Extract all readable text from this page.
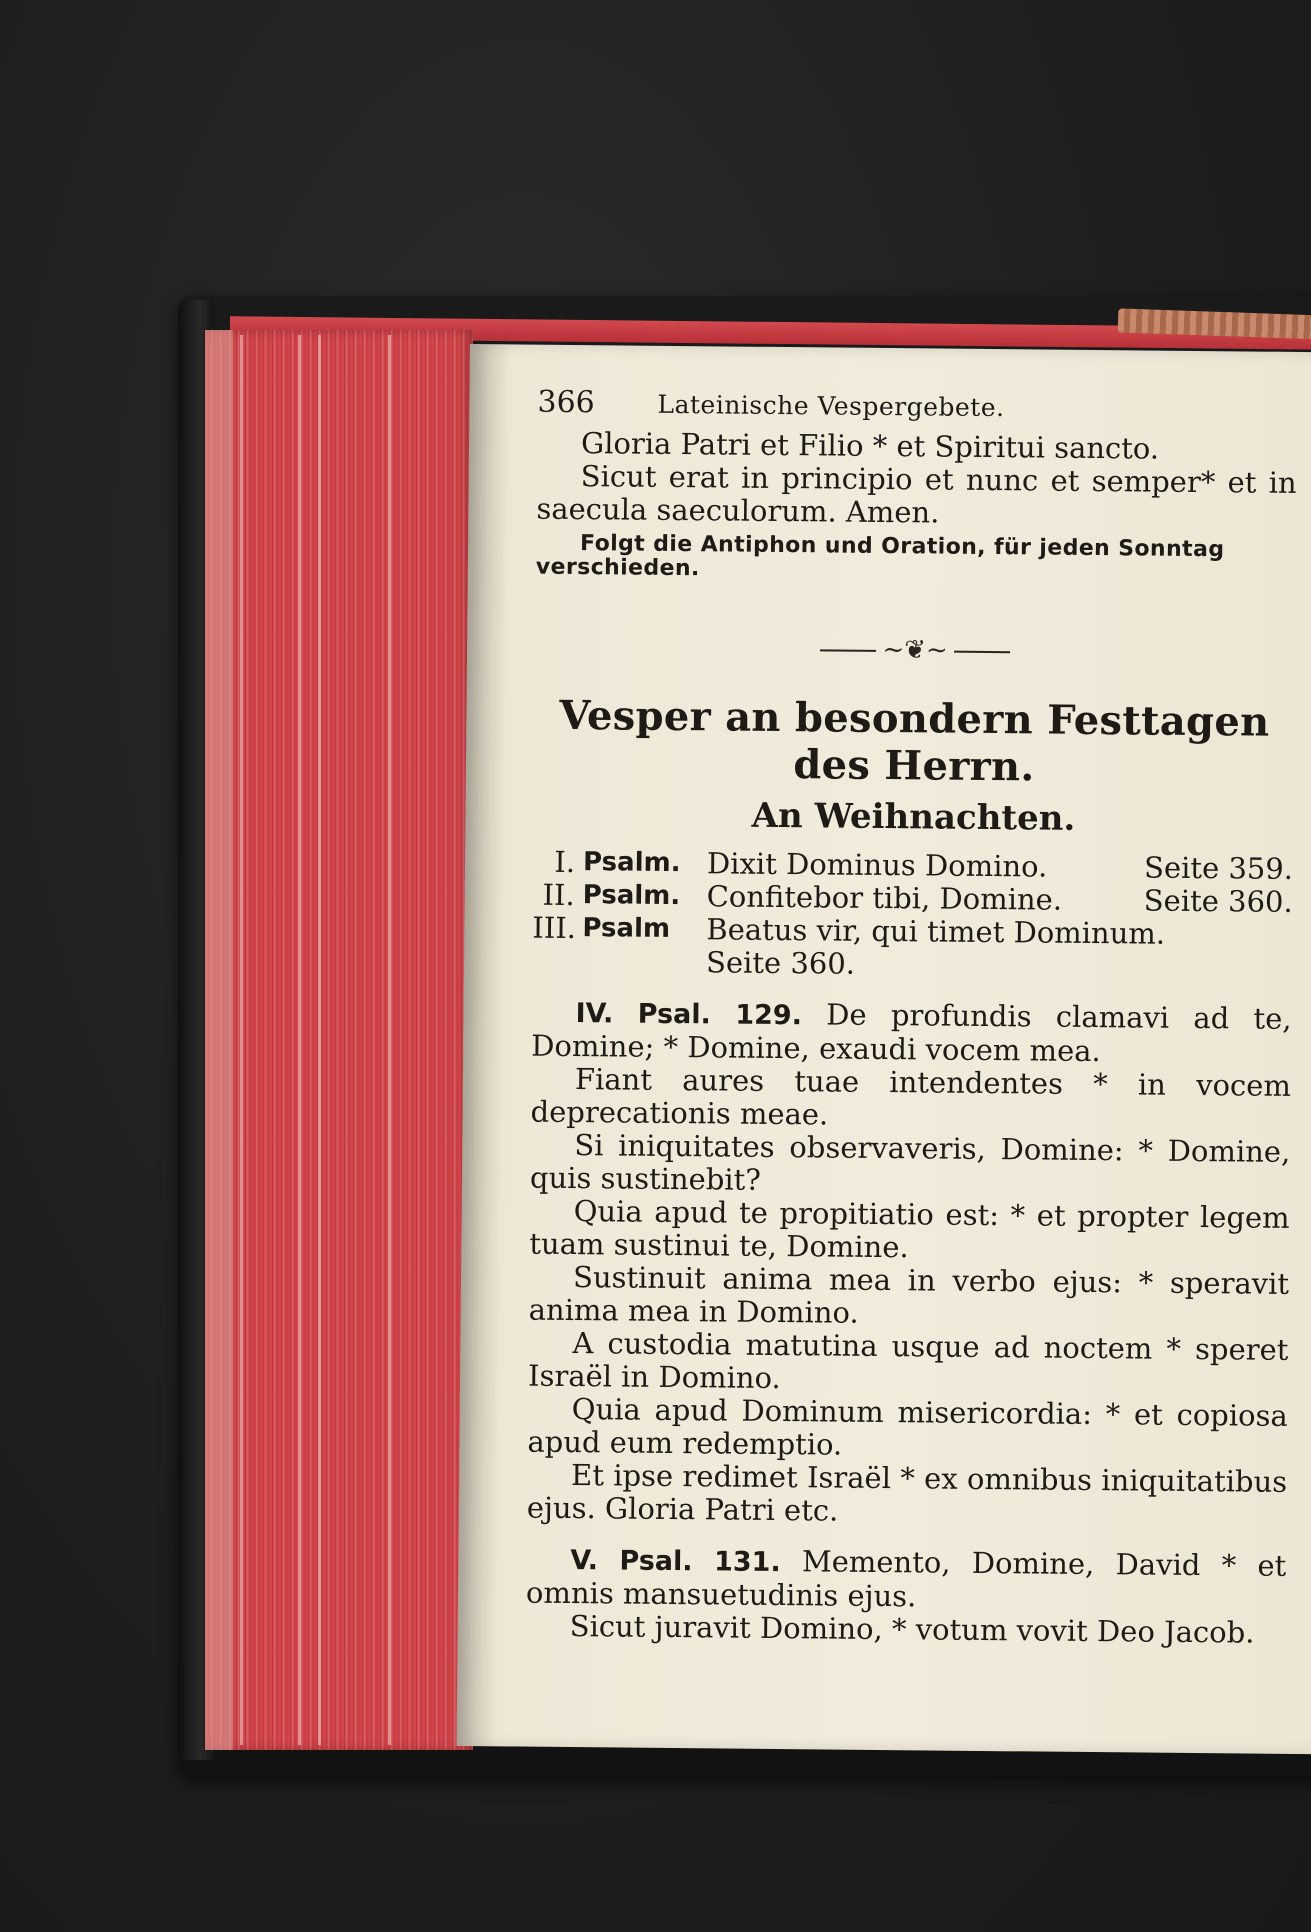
366	Lateinische Vespergebete.

Gloria Patri et Filio * et Spiritui sancto.

Sicut erat in principio et nunc et semper* et in saecula saeculorum. Amen.

Folgt die Antiphon und Oration, für jeden Sonntag verschieden.

~❦~
Vesper an besondern Festtagen des Herrn.
An Weihnachten.
I. Psalm. Dixit Dominus Domino.	Seite 359.
II. Psalm. Confitebor tibi, Domine.	Seite 360.
III. Psalm	Beatus vir, qui timet Dominum.
Seite 360.

IV. Psal. 129. De profundis clamavi ad te, Domine; * Domine, exaudi vocem mea.

Fiant aures tuae intendentes * in vocem deprecationis meae.

Si iniquitates observaveris, Domine: * Domine, quis sustinebit?

Quia apud te propitiatio est: * et propter legem tuam sustinui te, Domine.

Sustinuit anima mea in verbo ejus: * speravit anima mea in Domino.

A custodia matutina usque ad noctem * speret Israël in Domino.

Quia apud Dominum misericordia: * et copiosa apud eum redemptio.

Et ipse redimet Israël * ex omnibus iniquitatibus ejus. Gloria Patri etc.

V. Psal. 131. Memento, Domine, David * et omnis mansuetudinis ejus.

Sicut juravit Domino, * votum vovit Deo Jacob.
